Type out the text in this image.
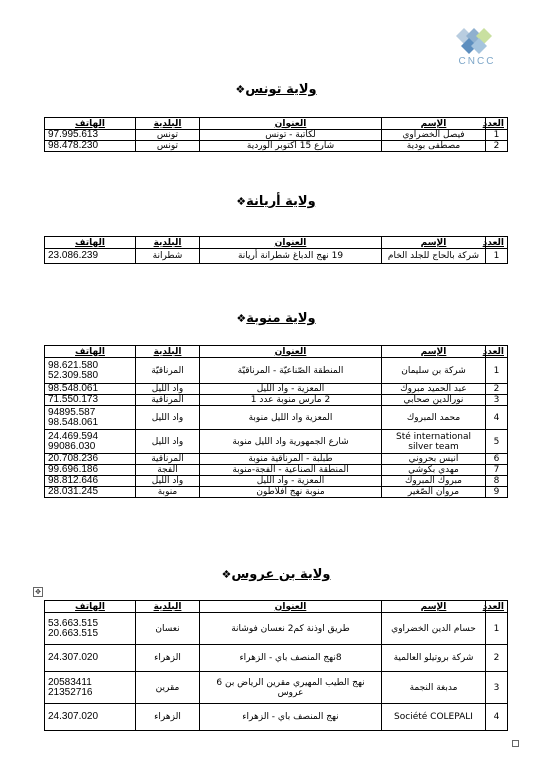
CNCC
ولاية تونس❖
ولاية أريانة❖
ولاية منوبة❖
ولاية بن عروس❖
العدد	الإسم	العنوان	البلدية	الهاتف
1	فيصل الخضراوي	لكاتبة - تونس	تونس	97.995.613

2	مصطفى بودية	شارع 15 اكتوبر الوردية	تونس	98.478.230
العدد	الإسم	العنوان	البلدية	الهاتف
1	شركة بالحاج للجلد الخام	19 نهج الدباغ شطرانة أريانة	شطرانة	23.086.239
العدد	الإسم	العنوان	البلدية	الهاتف
1	شركة بن سليمان	المنطقة الصّناعيّة - المرناقيّة	المرناقيّة	98.621.580
52.309.580

2	عبد الحميد مبروك	المعزية - واد الليل	واد الليل	98.548.061

3	نورالدين صحابي	2 مارس منوبة عدد 1	المرناقية	71.550.173

4	محمد المبروك	المعزية واد الليل منوبة	واد الليل	94895.587
98.548.061

5	Sté international silver team	شارع الجمهورية واد الليل منوبة	واد الليل	24.469.594
99086.030

6	انيس بحروني	طبلبة - المرناقية منوبة	المرناقية	20.708.236

7	مهدي بكوشي	المنطقة الصناعية - الفجة-منوبة	الفجة	99.696.186

8	مبروك المبروك	المعزية - واد الليل	واد الليل	98.812.646

9	مروان الصّغير	منوبة نهج افلاطون	منوبة	28.031.245
العدد	الإسم	العنوان	البلدية	الهاتف
1	حسام الدين الخضراوي	طريق اوذنة كم2 نعسان فوشانة	نعسان	53.663.515
20.663.515

2	شركة بروتيلو العالمية	8نهج المنصف باي - الزهراء	الزهراء	24.307.020

3	مدبغة النجمة	نهج الطيب المهيري مقرين الرياض بن 6 عروس	مقرين	20583411
21352716

4	Société COLEPALI	نهج المنصف باي - الزهراء	الزهراء	24.307.020
✥
